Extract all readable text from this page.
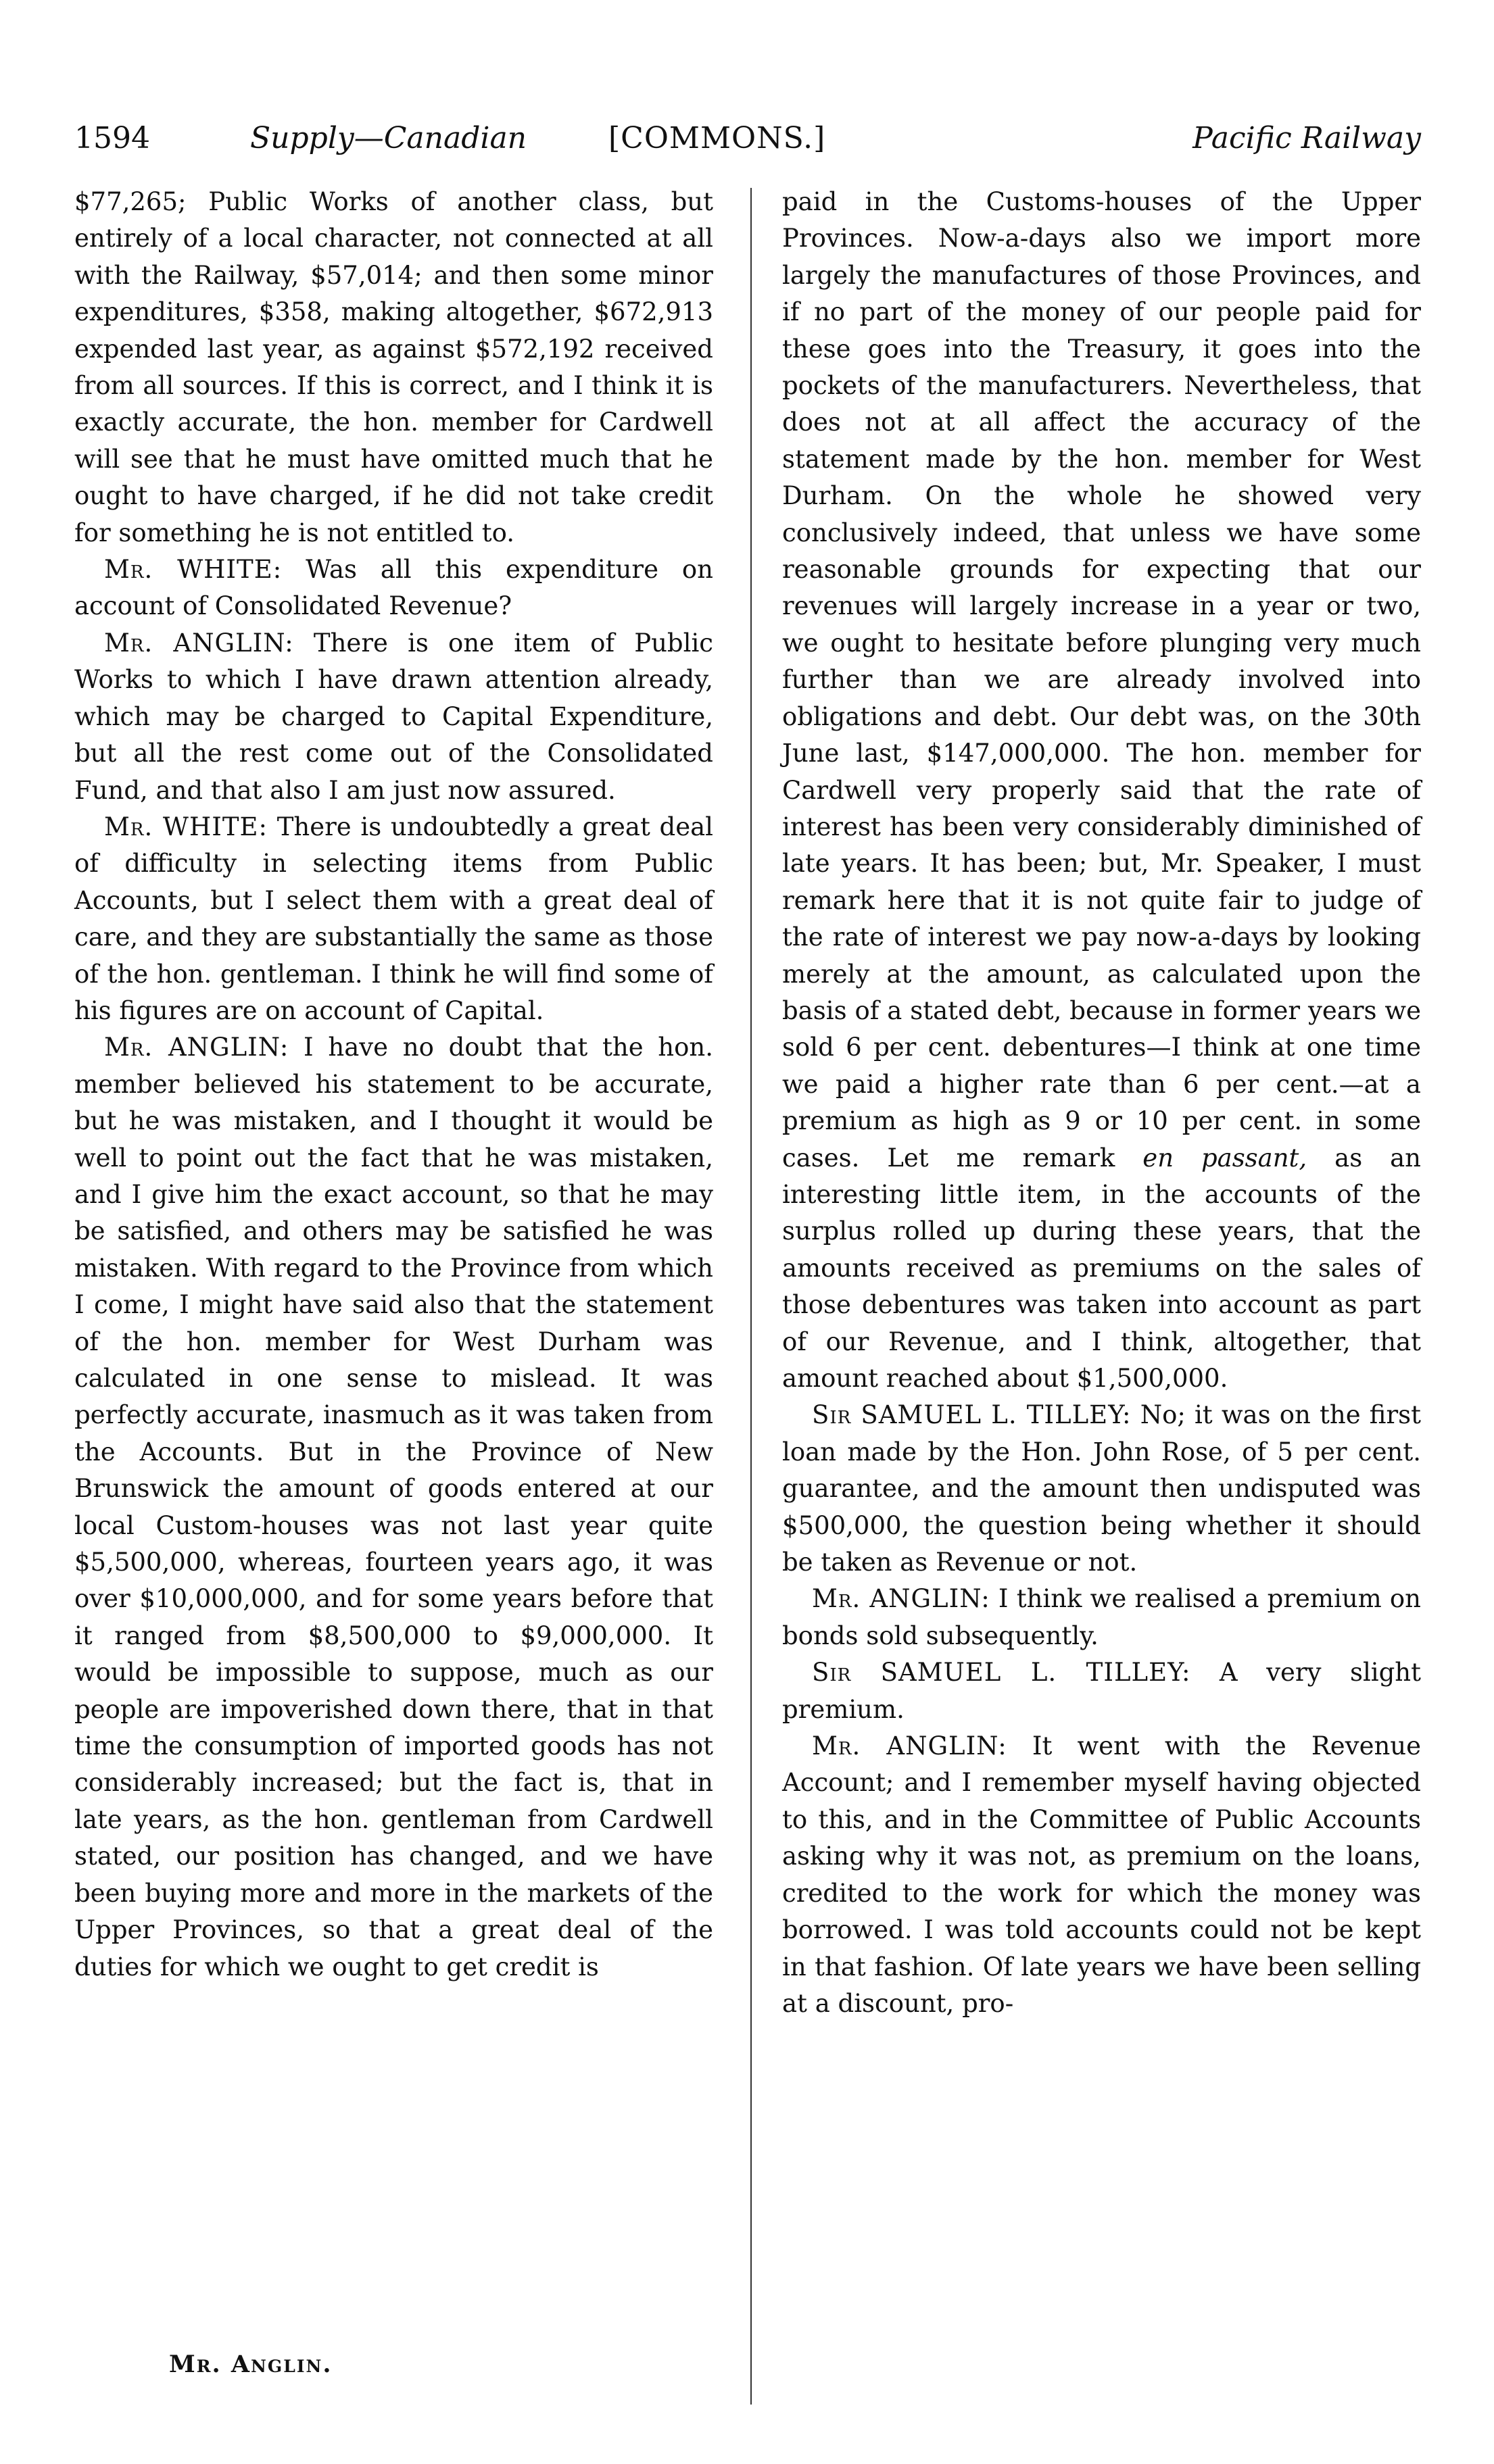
1594	Supply—Canadian	[COMMONS.]	Pacific Railway

$77,265; Public Works of another class, but entirely of a local character, not connected at all with the Railway, $57,014; and then some minor expenditures, $358, making altogether, $672,913 expended last year, as against $572,192 received from all sources. If this is correct, and I think it is exactly accurate, the hon. member for Cardwell will see that he must have omitted much that he ought to have charged, if he did not take credit for something he is not entitled to.

Mr. WHITE: Was all this expenditure on account of Consolidated Revenue?

Mr. ANGLIN: There is one item of Public Works to which I have drawn attention already, which may be charged to Capital Expenditure, but all the rest come out of the Consolidated Fund, and that also I am just now assured.

Mr. WHITE: There is undoubtedly a great deal of difficulty in selecting items from Public Accounts, but I select them with a great deal of care, and they are substantially the same as those of the hon. gentleman. I think he will find some of his figures are on account of Capital.

Mr. ANGLIN: I have no doubt that the hon. member believed his statement to be accurate, but he was mistaken, and I thought it would be well to point out the fact that he was mistaken, and I give him the exact account, so that he may be satisfied, and others may be satisfied he was mistaken. With regard to the Province from which I come, I might have said also that the statement of the hon. member for West Durham was calculated in one sense to mislead. It was perfectly accurate, inasmuch as it was taken from the Accounts. But in the Province of New Brunswick the amount of goods entered at our local Custom-houses was not last year quite $5,500,000, whereas, fourteen years ago, it was over $10,000,000, and for some years before that it ranged from $8,500,000 to $9,000,000. It would be impossible to suppose, much as our people are impoverished down there, that in that time the consumption of imported goods has not considerably increased; but the fact is, that in late years, as the hon. gentleman from Cardwell stated, our position has changed, and we have been buying more and more in the markets of the Upper Provinces, so that a great deal of the duties for which we ought to get credit is

paid in the Customs-houses of the Upper Provinces. Now-a-days also we import more largely the manufactures of those Provinces, and if no part of the money of our people paid for these goes into the Treasury, it goes into the pockets of the manufacturers. Nevertheless, that does not at all affect the accuracy of the statement made by the hon. member for West Durham. On the whole he showed very conclusively indeed, that unless we have some reasonable grounds for expecting that our revenues will largely increase in a year or two, we ought to hesitate before plunging very much further than we are already involved into obligations and debt. Our debt was, on the 30th June last, $147,000,000. The hon. member for Cardwell very properly said that the rate of interest has been very considerably diminished of late years. It has been; but, Mr. Speaker, I must remark here that it is not quite fair to judge of the rate of interest we pay now-a-days by looking merely at the amount, as calculated upon the basis of a stated debt, because in former years we sold 6 per cent. debentures—I think at one time we paid a higher rate than 6 per cent.—at a premium as high as 9 or 10 per cent. in some cases. Let me remark en passant, as an interesting little item, in the accounts of the surplus rolled up during these years, that the amounts received as premiums on the sales of those debentures was taken into account as part of our Revenue, and I think, altogether, that amount reached about $1,500,000.

Sir SAMUEL L. TILLEY: No; it was on the first loan made by the Hon. John Rose, of 5 per cent. guarantee, and the amount then undisputed was $500,000, the question being whether it should be taken as Revenue or not.

Mr. ANGLIN: I think we realised a premium on bonds sold subsequently.

Sir SAMUEL L. TILLEY: A very slight premium.

Mr. ANGLIN: It went with the Revenue Account; and I remember myself having objected to this, and in the Committee of Public Accounts asking why it was not, as premium on the loans, credited to the work for which the money was borrowed. I was told accounts could not be kept in that fashion. Of late years we have been selling at a discount, pro-

Mr. Anglin.
